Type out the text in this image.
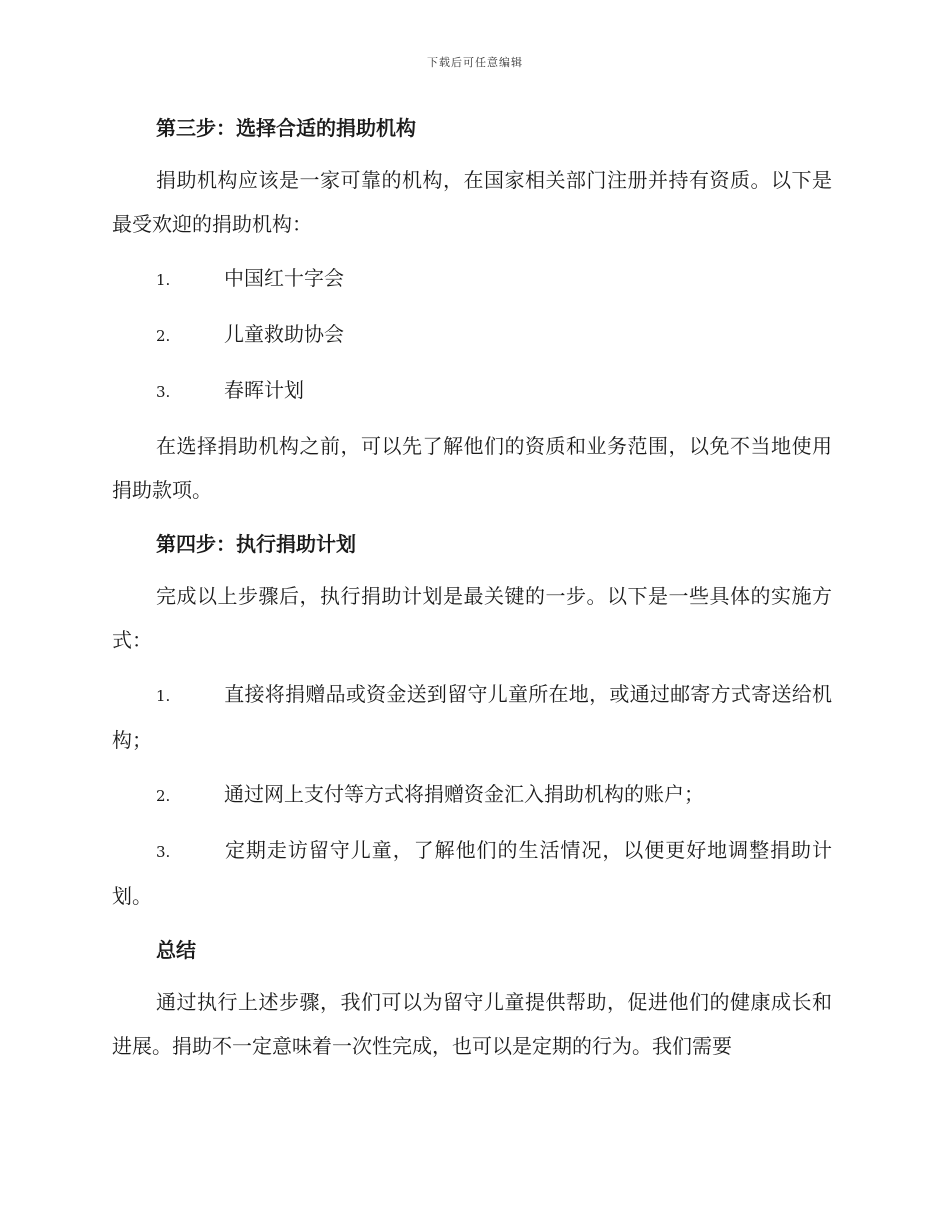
下载后可任意编辑

第三步：选择合适的捐助机构

捐助机构应该是一家可靠的机构，在国家相关部门注册并持有资质。以下是最受欢迎的捐助机构：

1.	中国红十字会

2.	儿童救助协会

3.	春晖计划

在选择捐助机构之前，可以先了解他们的资质和业务范围，以免不当地使用捐助款项。

第四步：执行捐助计划

完成以上步骤后，执行捐助计划是最关键的一步。以下是一些具体的实施方式：

1.	直接将捐赠品或资金送到留守儿童所在地，或通过邮寄方式寄送给机构；

2.	通过网上支付等方式将捐赠资金汇入捐助机构的账户；

3.	定期走访留守儿童，了解他们的生活情况，以便更好地调整捐助计划。

总结

通过执行上述步骤，我们可以为留守儿童提供帮助，促进他们的健康成长和进展。捐助不一定意味着一次性完成，也可以是定期的行为。我们需要
